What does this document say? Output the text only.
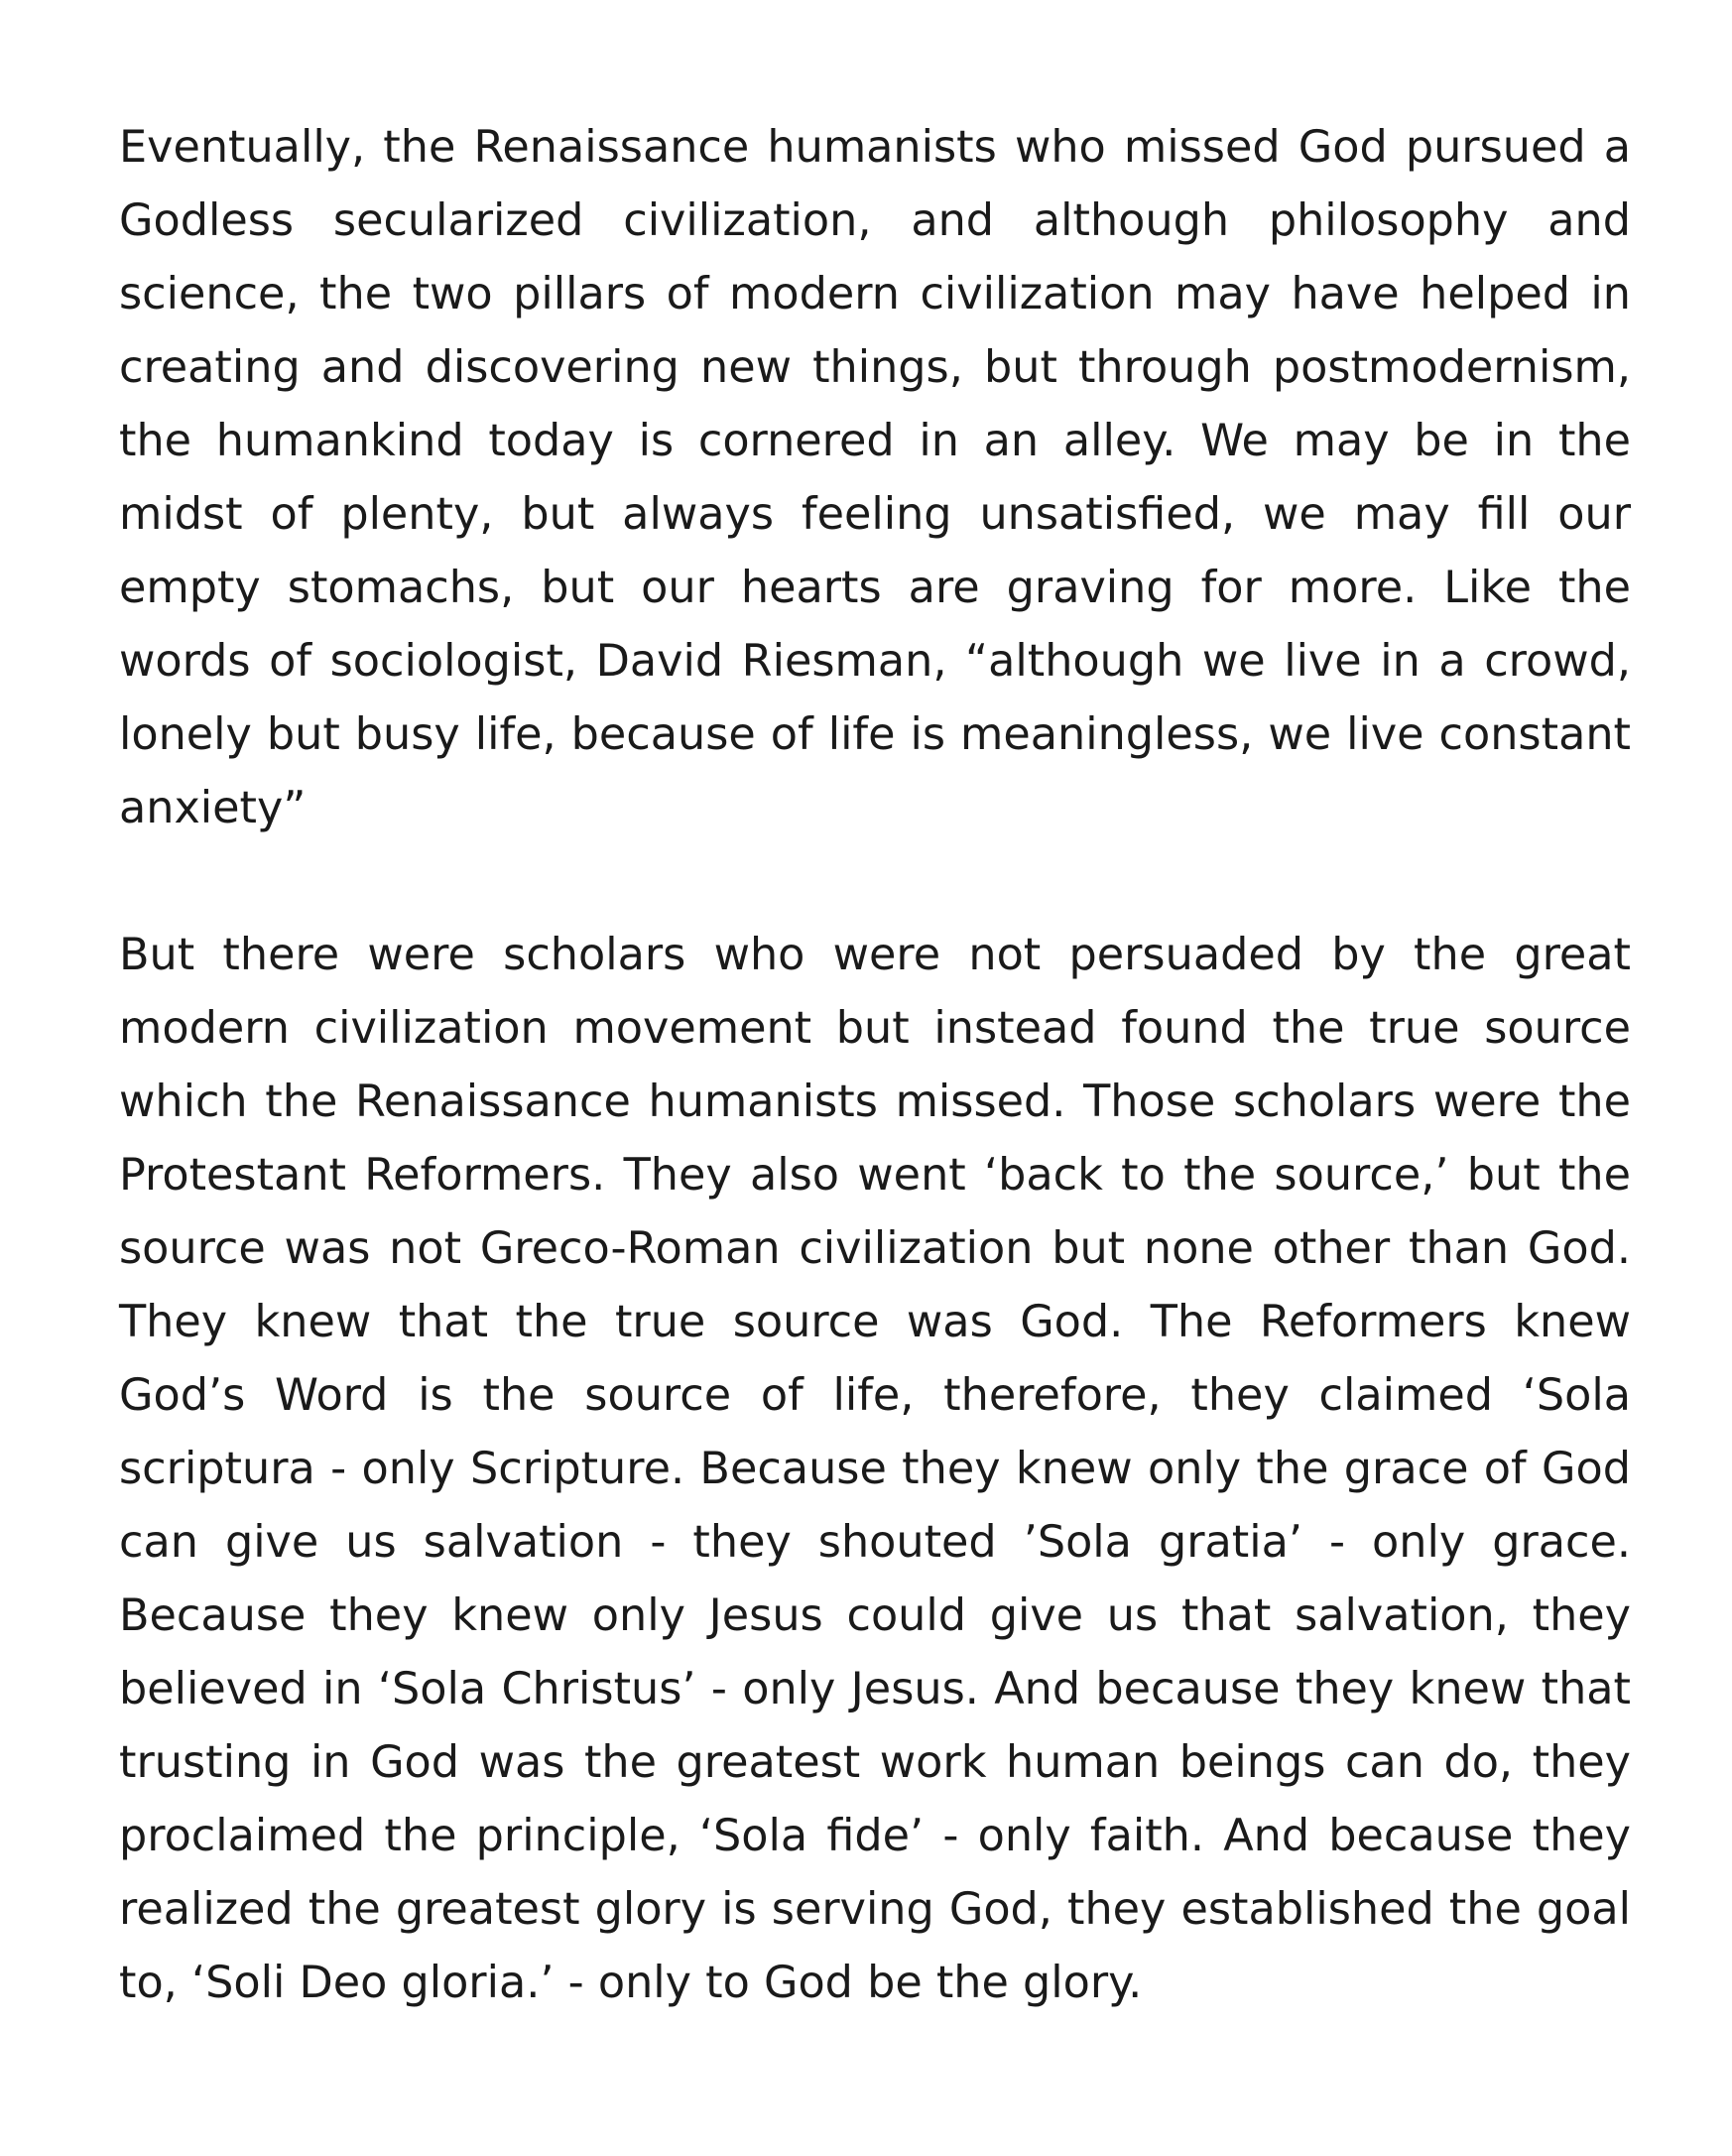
Eventually, the Renaissance humanists who missed God pursued a Godless secularized civilization, and although philosophy and science, the two pillars of modern civilization may have helped in creating and discovering new things, but through postmodernism, the humankind today is cornered in an alley. We may be in the midst of plenty, but always feeling unsatisfied, we may fill our empty stomachs, but our hearts are graving for more. Like the words of sociologist, David Riesman, “although we live in a crowd, lonely but busy life, because of life is meaningless, we live constant anxiety”

But there were scholars who were not persuaded by the great modern civilization movement but instead found the true source which the Renaissance humanists missed. Those scholars were the Protestant Reformers. They also went ‘back to the source,’ but the source was not Greco-Roman civilization but none other than God. They knew that the true source was God. The Reformers knew God’s Word is the source of life, therefore, they claimed ‘Sola scriptura - only Scripture. Because they knew only the grace of God can give us salvation - they shouted ’Sola gratia’ - only grace. Because they knew only Jesus could give us that salvation, they believed in ‘Sola Christus’ - only Jesus. And because they knew that trusting in God was the greatest work human beings can do, they proclaimed the principle, ‘Sola fide’ - only faith. And because they realized the greatest glory is serving God, they established the goal to, ‘Soli Deo gloria.’ - only to God be the glory.
